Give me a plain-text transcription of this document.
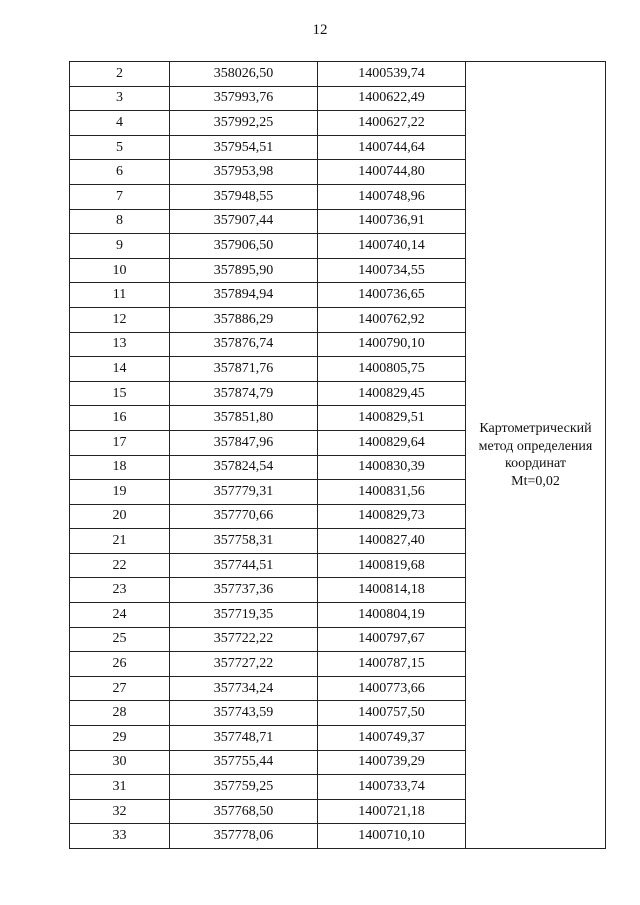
12
2	358026,50	1400539,74	Картометрический
метод определения
координат
Mt=0,02

3	357993,76	1400622,49	
4	357992,25	1400627,22	
5	357954,51	1400744,64	
6	357953,98	1400744,80	
7	357948,55	1400748,96	
8	357907,44	1400736,91	
9	357906,50	1400740,14	
10	357895,90	1400734,55	
11	357894,94	1400736,65	
12	357886,29	1400762,92	
13	357876,74	1400790,10	
14	357871,76	1400805,75	
15	357874,79	1400829,45	
16	357851,80	1400829,51	
17	357847,96	1400829,64	
18	357824,54	1400830,39	
19	357779,31	1400831,56	
20	357770,66	1400829,73	
21	357758,31	1400827,40	
22	357744,51	1400819,68	
23	357737,36	1400814,18	
24	357719,35	1400804,19	
25	357722,22	1400797,67	
26	357727,22	1400787,15	
27	357734,24	1400773,66	
28	357743,59	1400757,50	
29	357748,71	1400749,37	
30	357755,44	1400739,29	
31	357759,25	1400733,74	
32	357768,50	1400721,18	
33	357778,06	1400710,10	
